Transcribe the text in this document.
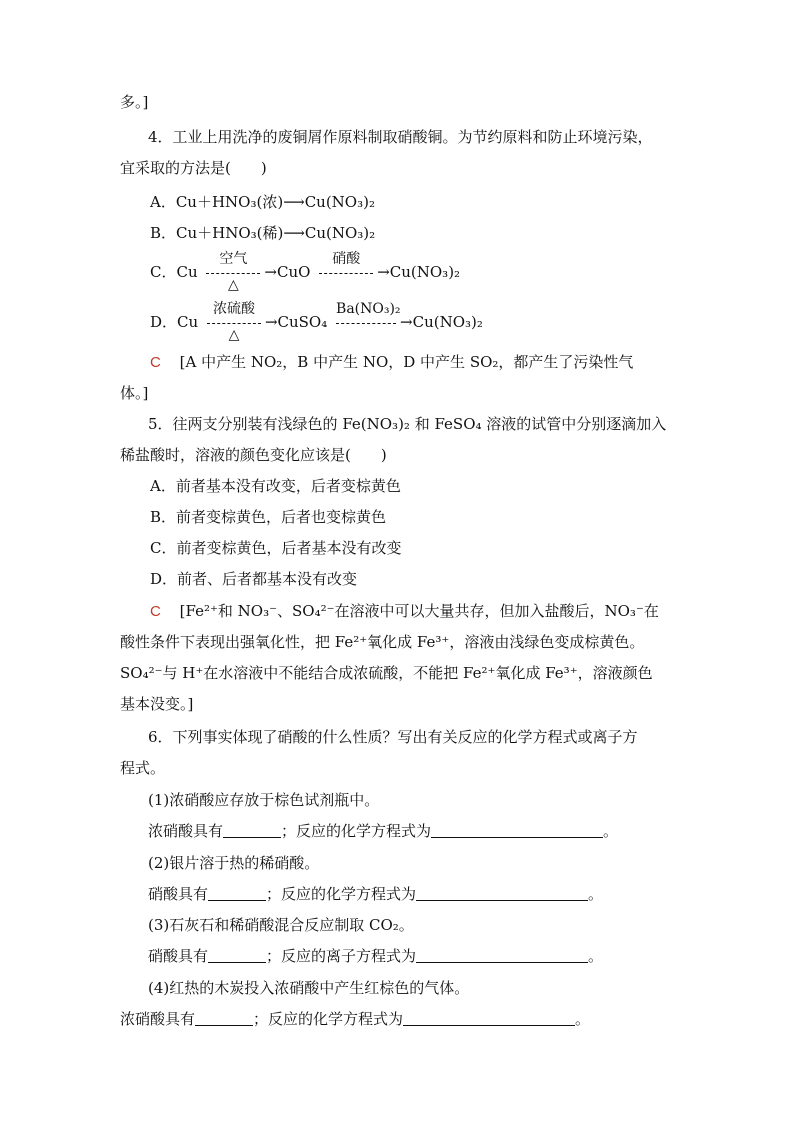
多。]
4．工业上用洗净的废铜屑作原料制取硝酸铜。为节约原料和防止环境污染，
宜采取的方法是(　　)
A．Cu＋HNO₃(浓)⟶Cu(NO₃)₂
B．Cu＋HNO₃(稀)⟶Cu(NO₃)₂
C．Cu $\frac{\text{空气}}{\triangle} \to CuO$
硝酸
→Cu(NO₃)₂
D．Cu $\frac{\text{浓硫酸}}{\triangle}$ →CuSO₄
Ba(NO₃)₂
→Cu(NO₃)₂
C [A 中产生 NO₂，B 中产生 NO，D 中产生 SO₂，都产生了污染性气
体。]
5．往两支分别装有浅绿色的 Fe(NO₃)₂ 和 FeSO₄ 溶液的试管中分别逐滴加入
稀盐酸时，溶液的颜色变化应该是(　　)
A．前者基本没有改变，后者变棕黄色
B．前者变棕黄色，后者也变棕黄色
C．前者变棕黄色，后者基本没有改变
D．前者、后者都基本没有改变
C [Fe²⁺和 NO₃⁻、SO₄²⁻在溶液中可以大量共存，但加入盐酸后，NO₃⁻在
酸性条件下表现出强氧化性，把 Fe²⁺氧化成 Fe³⁺，溶液由浅绿色变成棕黄色。
SO₄²⁻与 H⁺在水溶液中不能结合成浓硫酸，不能把 Fe²⁺氧化成 Fe³⁺，溶液颜色
基本没变。]
6．下列事实体现了硝酸的什么性质？写出有关反应的化学方程式或离子方
程式。
(1)浓硝酸应存放于棕色试剂瓶中。
浓硝酸具有	；反应的化学方程式为	。
(2)银片溶于热的稀硝酸。
硝酸具有	；反应的化学方程式为	。
(3)石灰石和稀硝酸混合反应制取 CO₂。
硝酸具有	；反应的离子方程式为	。
(4)红热的木炭投入浓硝酸中产生红棕色的气体。
浓硝酸具有	；反应的化学方程式为	。
